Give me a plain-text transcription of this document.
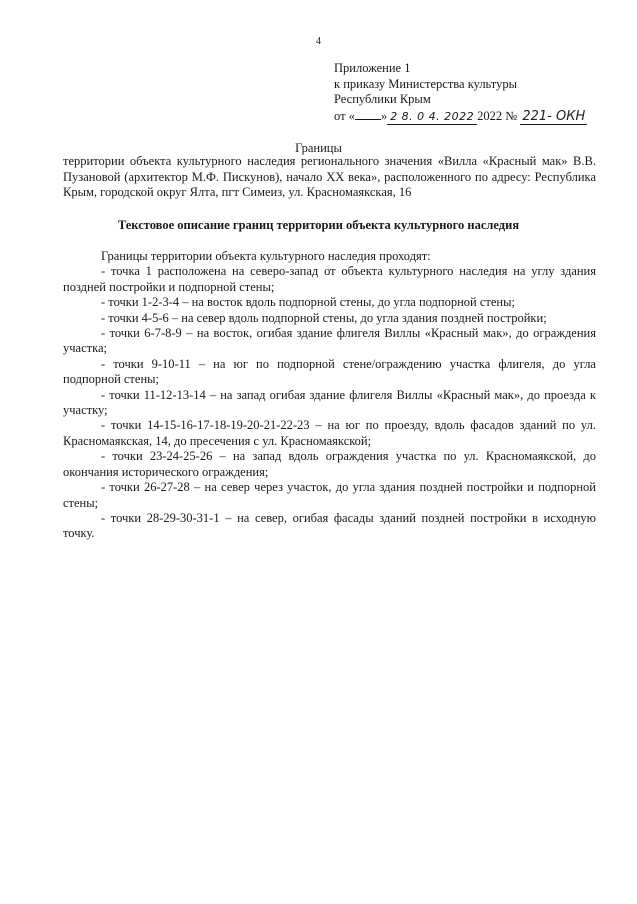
4
Приложение 1
к приказу Министерства культуры
Республики Крым
от « » 2 8. 0 4. 2022 2022 № 221- ОКН
Границы
территории объекта культурного наследия регионального значения «Вилла «Красный мак» В.В. Пузановой (архитектор М.Ф. Пискунов), начало XX века», расположенного по адресу: Республика Крым, городской округ Ялта, пгт Симеиз, ул. Красномаякская, 16
Текстовое описание границ территории объекта культурного наследия

Границы территории объекта культурного наследия проходят:

- точка 1 расположена на северо-запад от объекта культурного наследия на углу здания поздней постройки и подпорной стены;

- точки 1-2-3-4 – на восток вдоль подпорной стены, до угла подпорной стены;

- точки 4-5-6 – на север вдоль подпорной стены, до угла здания поздней постройки;

- точки 6-7-8-9 – на восток, огибая здание флигеля Виллы «Красный мак», до ограждения участка;

- точки 9-10-11 – на юг по подпорной стене/ограждению участка флигеля, до угла подпорной стены;

- точки 11-12-13-14 – на запад огибая здание флигеля Виллы «Красный мак», до проезда к участку;

- точки 14-15-16-17-18-19-20-21-22-23 – на юг по проезду, вдоль фасадов зданий по ул. Красномаякская, 14, до пресечения с ул. Красномаякской;

- точки 23-24-25-26 – на запад вдоль ограждения участка по ул. Красномаякской, до окончания исторического ограждения;

- точки 26-27-28 – на север через участок, до угла здания поздней постройки и подпорной стены;

- точки 28-29-30-31-1 – на север, огибая фасады зданий поздней постройки в исходную точку.
